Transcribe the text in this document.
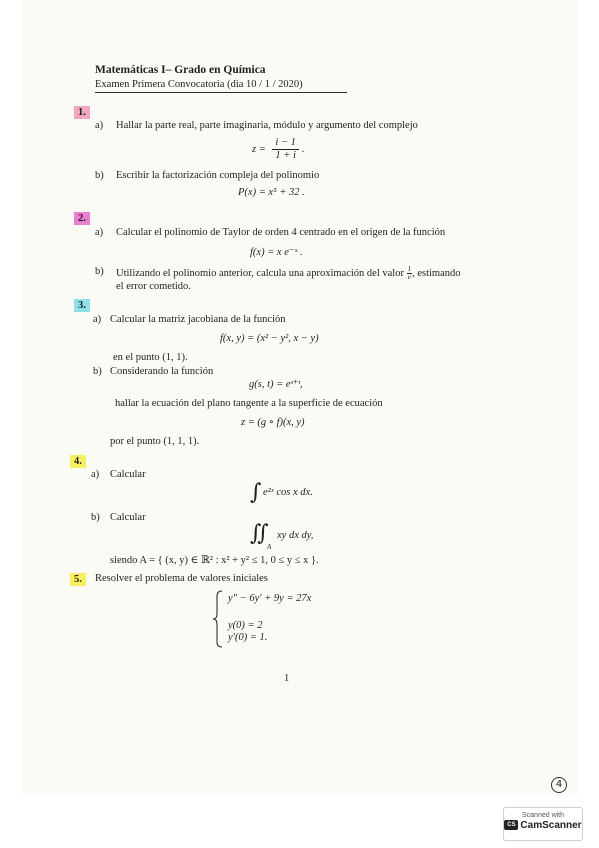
Matemáticas I– Grado en Química
Examen Primera Convocatoria (dia 10 / 1 / 2020)
1.
a) Hallar la parte real, parte imaginaria, módulo y argumento del complejo
$z = \frac{i - 1}{1 + i}$ .
b) Escribir la factorización compleja del polinomio
P(x) = x⁵ + 32 .
2.
a) Calcular el polinomio de Taylor de orden 4 centrado en el origen de la función
f(x) = x e⁻ˣ .
b) Utilizando el polinomio anterior, calcula una aproximación del valor $\frac{1}{e}$ , estimando
el error cometido.
3.
a) Calcular la matriz jacobiana de la función
f(x, y) = (x² − y², x − y)
en el punto (1, 1).
b) Considerando la función
g(s, t) = eˢ⁺ᵗ,
hallar la ecuación del plano tangente a la superficie de ecuación
z = (g ∘ f)(x, y)
por el punto (1, 1, 1).
4.
a) Calcular
∫ e²ˣ cos x dx.
b) Calcular
∬
A
xy dx dy,
siendo A = { (x, y) ∈ ℝ² : x² + y² ≤ 1, 0 ≤ y ≤ x }.
5.	Resolver el problema de valores iniciales
y″ − 6y′ + 9y = 27x
y(0) = 2
y′(0) = 1.
1
4
Scanned with
CS CamScanner
